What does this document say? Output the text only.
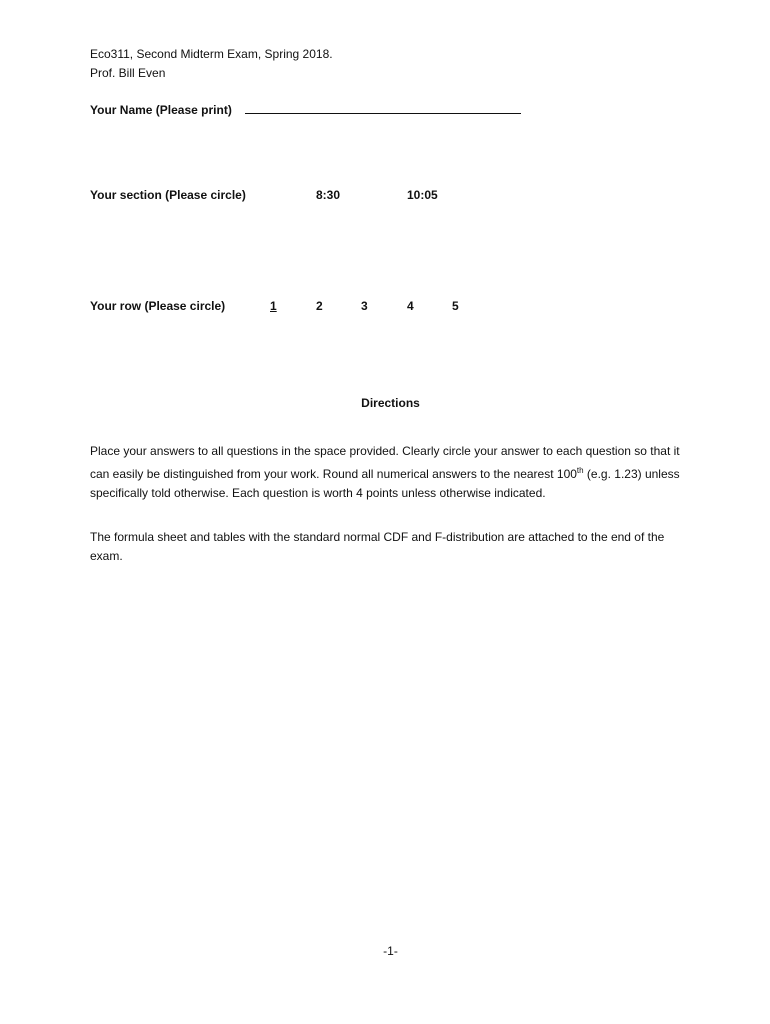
Eco311, Second Midterm Exam, Spring 2018.
Prof. Bill Even
Your Name (Please print)
Your section (Please circle)	8:30	10:05
Your row (Please circle)	1	2	3	4	5
Directions
Place your answers to all questions in the space provided. Clearly circle your answer to each question so that it can easily be distinguished from your work. Round all numerical answers to the nearest 100th (e.g. 1.23) unless specifically told otherwise. Each question is worth 4 points unless otherwise indicated.
The formula sheet and tables with the standard normal CDF and F-distribution are attached to the end of the exam.
-1-
